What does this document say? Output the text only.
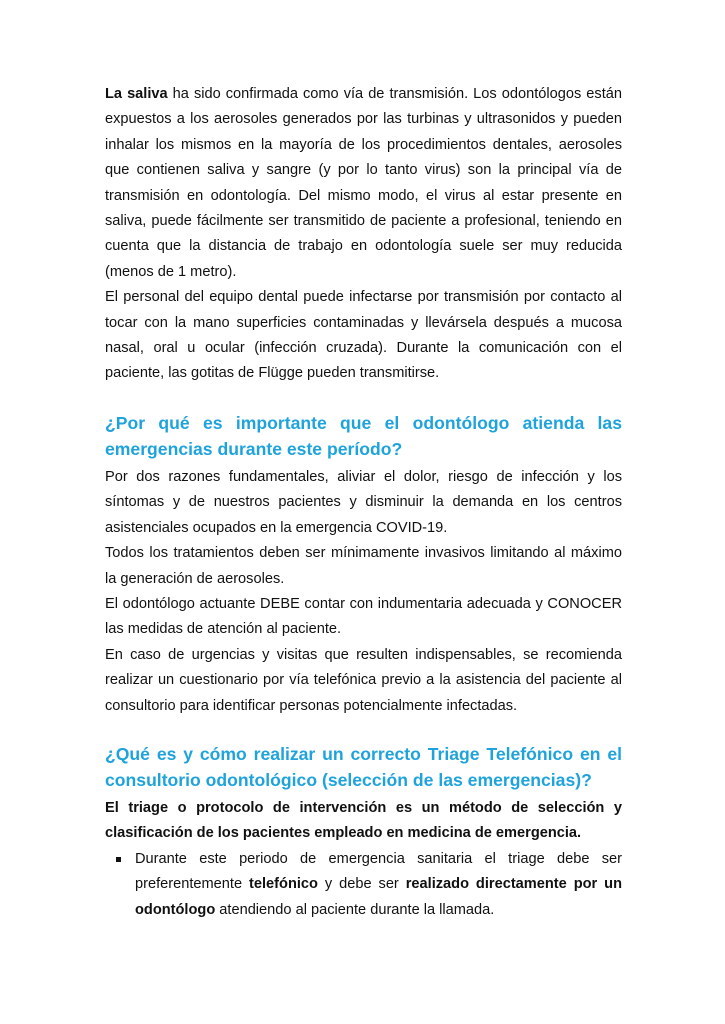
La saliva ha sido confirmada como vía de transmisión. Los odontólogos están expuestos a los aerosoles generados por las turbinas y ultrasonidos y pueden inhalar los mismos en la mayoría de los procedimientos dentales, aerosoles que contienen saliva y sangre (y por lo tanto virus) son la principal vía de transmisión en odontología. Del mismo modo, el virus al estar presente en saliva, puede fácilmente ser transmitido de paciente a profesional, teniendo en cuenta que la distancia de trabajo en odontología suele ser muy reducida (menos de 1 metro).

El personal del equipo dental puede infectarse por transmisión por contacto al tocar con la mano superficies contaminadas y llevársela después a mucosa nasal, oral u ocular (infección cruzada). Durante la comunicación con el paciente, las gotitas de Flügge pueden transmitirse.

¿Por qué es importante que el odontólogo atienda las emergencias durante este período?

Por dos razones fundamentales, aliviar el dolor, riesgo de infección y los síntomas y de nuestros pacientes y disminuir la demanda en los centros asistenciales ocupados en la emergencia COVID-19.

Todos los tratamientos deben ser mínimamente invasivos limitando al máximo la generación de aerosoles.

El odontólogo actuante DEBE contar con indumentaria adecuada y CONOCER las medidas de atención al paciente.

En caso de urgencias y visitas que resulten indispensables, se recomienda realizar un cuestionario por vía telefónica previo a la asistencia del paciente al consultorio para identificar personas potencialmente infectadas.

¿Qué es y cómo realizar un correcto Triage Telefónico en el consultorio odontológico (selección de las emergencias)?

El triage o protocolo de intervención es un método de selección y clasificación de los pacientes empleado en medicina de emergencia.

Durante este periodo de emergencia sanitaria el triage debe ser preferentemente telefónico y debe ser realizado directamente por un odontólogo atendiendo al paciente durante la llamada.
